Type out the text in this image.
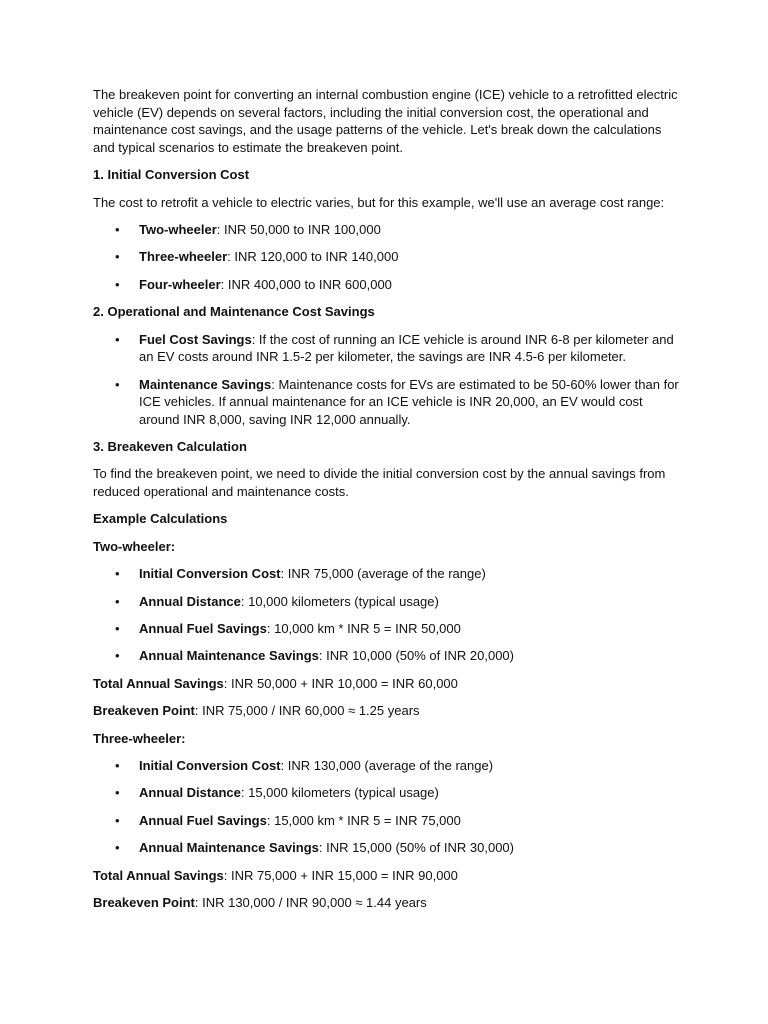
The breakeven point for converting an internal combustion engine (ICE) vehicle to a retrofitted electric vehicle (EV) depends on several factors, including the initial conversion cost, the operational and maintenance cost savings, and the usage patterns of the vehicle. Let's break down the calculations and typical scenarios to estimate the breakeven point.

1. Initial Conversion Cost

The cost to retrofit a vehicle to electric varies, but for this example, we'll use an average cost range:

• Two-wheeler: INR 50,000 to INR 100,000
• Three-wheeler: INR 120,000 to INR 140,000
• Four-wheeler: INR 400,000 to INR 600,000

2. Operational and Maintenance Cost Savings

• Fuel Cost Savings: If the cost of running an ICE vehicle is around INR 6-8 per kilometer and an EV costs around INR 1.5-2 per kilometer, the savings are INR 4.5-6 per kilometer.
• Maintenance Savings: Maintenance costs for EVs are estimated to be 50-60% lower than for ICE vehicles. If annual maintenance for an ICE vehicle is INR 20,000, an EV would cost around INR 8,000, saving INR 12,000 annually.

3. Breakeven Calculation

To find the breakeven point, we need to divide the initial conversion cost by the annual savings from reduced operational and maintenance costs.

Example Calculations

Two-wheeler:

• Initial Conversion Cost: INR 75,000 (average of the range)
• Annual Distance: 10,000 kilometers (typical usage)
• Annual Fuel Savings: 10,000 km * INR 5 = INR 50,000
• Annual Maintenance Savings: INR 10,000 (50% of INR 20,000)

Total Annual Savings: INR 50,000 + INR 10,000 = INR 60,000

Breakeven Point: INR 75,000 / INR 60,000 ≈ 1.25 years

Three-wheeler:

• Initial Conversion Cost: INR 130,000 (average of the range)
• Annual Distance: 15,000 kilometers (typical usage)
• Annual Fuel Savings: 15,000 km * INR 5 = INR 75,000
• Annual Maintenance Savings: INR 15,000 (50% of INR 30,000)

Total Annual Savings: INR 75,000 + INR 15,000 = INR 90,000

Breakeven Point: INR 130,000 / INR 90,000 ≈ 1.44 years
